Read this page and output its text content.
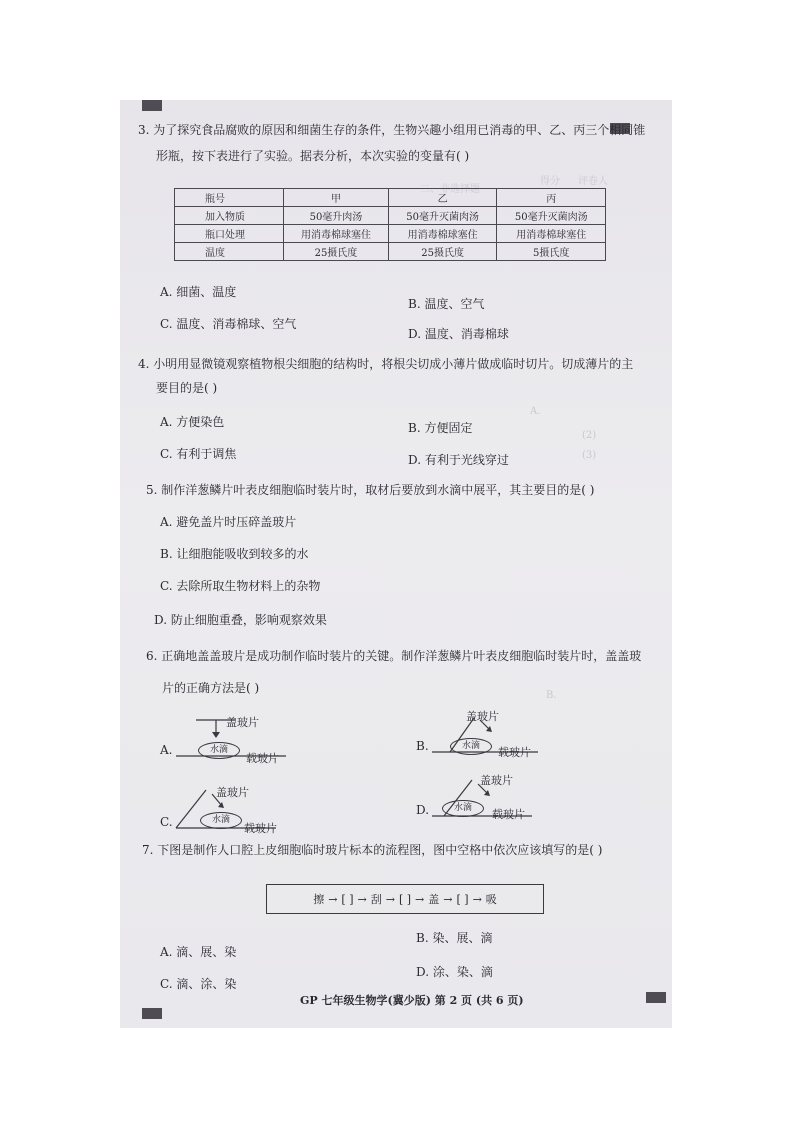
得分 评卷人
二、非选择题
(2)
(3)
A.
B.
3. 为了探究食品腐败的原因和细菌生存的条件，生物兴趣小组用已消毒的甲、乙、丙三个相同锥
形瓶，按下表进行了实验。据表分析，本次实验的变量有( )
瓶号	甲	乙	丙
加入物质	50毫升肉汤	50毫升灭菌肉汤	50毫升灭菌肉汤
瓶口处理	用消毒棉球塞住	用消毒棉球塞住	用消毒棉球塞住
温度	25摄氏度	25摄氏度	5摄氏度
A. 细菌、温度
B. 温度、空气
C. 温度、消毒棉球、空气
D. 温度、消毒棉球
4. 小明用显微镜观察植物根尖细胞的结构时，将根尖切成小薄片做成临时切片。切成薄片的主
要目的是( )
A. 方便染色	B. 方便固定
C. 有利于调焦	D. 有利于光线穿过
5. 制作洋葱鳞片叶表皮细胞临时装片时，取材后要放到水滴中展平，其主要目的是( )
A. 避免盖片时压碎盖玻片
B. 让细胞能吸收到较多的水
C. 去除所取生物材料上的杂物
D. 防止细胞重叠，影响观察效果
6. 正确地盖盖玻片是成功制作临时装片的关键。制作洋葱鳞片叶表皮细胞临时装片时，盖盖玻
片的正确方法是( )
A.	水滴
盖玻片
载玻片
B.	水滴
盖玻片
载玻片
C.	水滴
盖玻片
载玻片
D.	水滴
盖玻片
载玻片
7. 下图是制作人口腔上皮细胞临时玻片标本的流程图，图中空格中依次应该填写的是( )
擦 → [ ] → 刮 → [ ] → 盖 → [ ] → 吸
A. 滴、展、染
B. 染、展、滴
C. 滴、涂、染
D. 涂、染、滴
GP 七年级生物学(冀少版) 第 2 页 (共 6 页)
